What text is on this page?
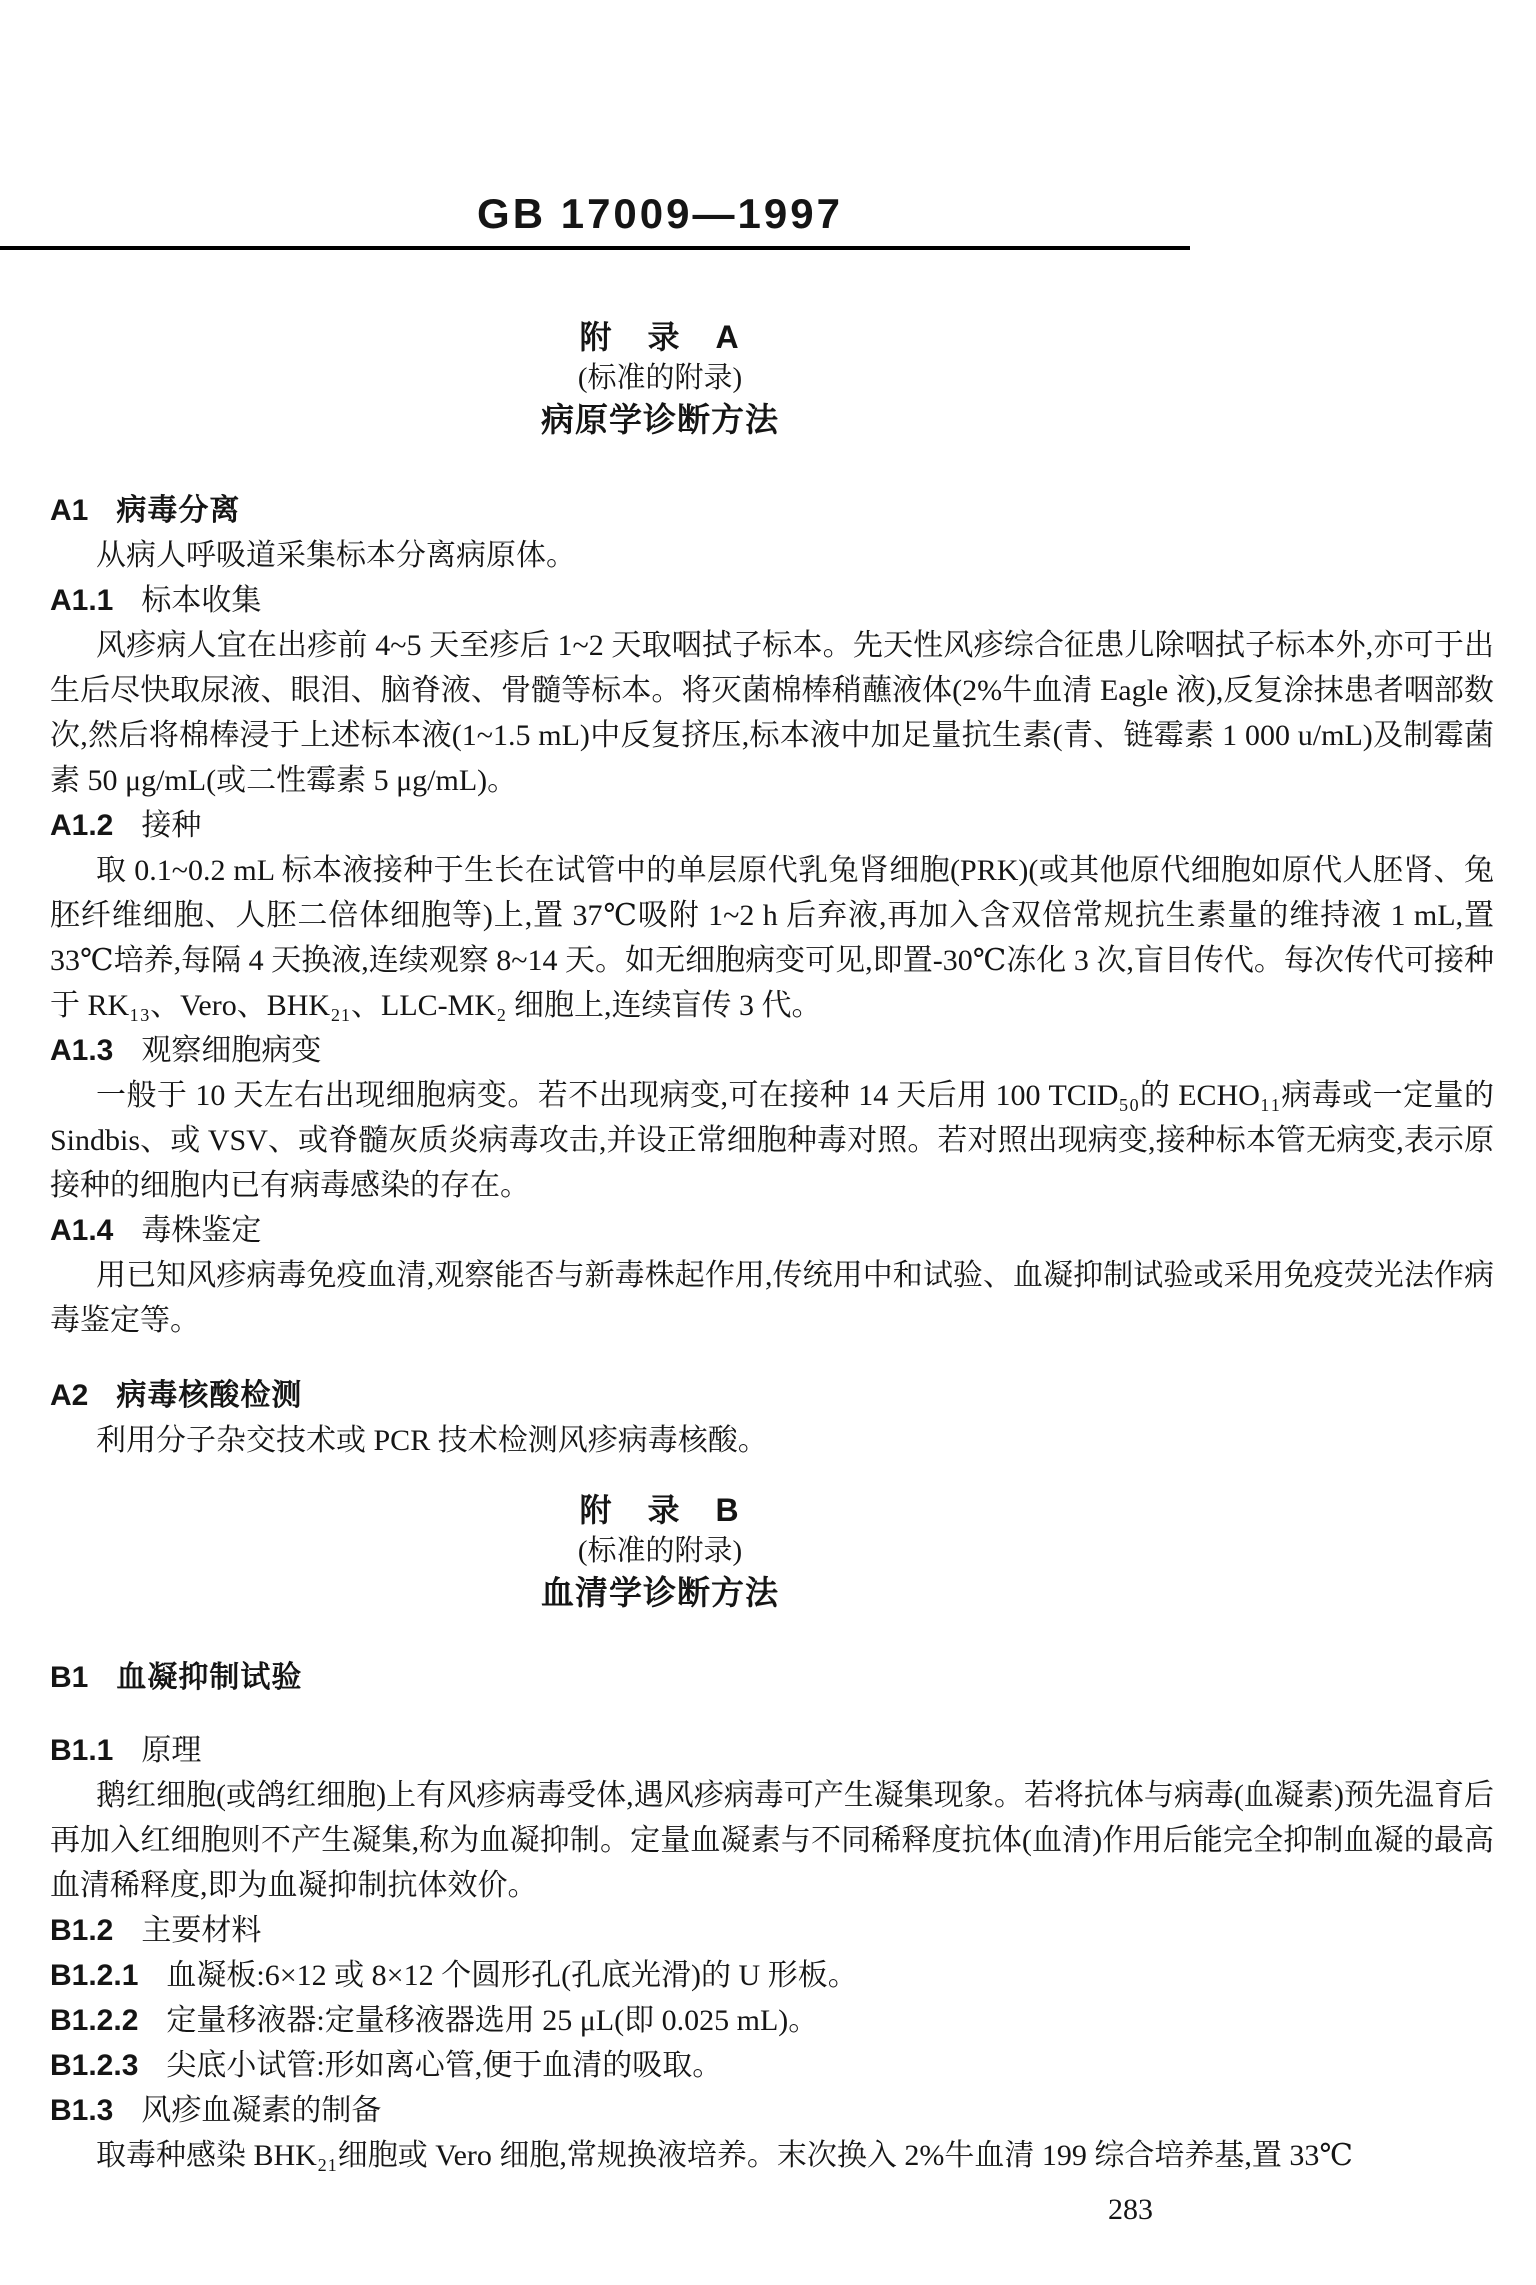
GB 17009—1997
附　录　A
(标准的附录)
病原学诊断方法
A1 病毒分离

从病人呼吸道采集标本分离病原体。

A1.1 标本收集

风疹病人宜在出疹前 4~5 天至疹后 1~2 天取咽拭子标本。先天性风疹综合征患儿除咽拭子标本外,亦可于出生后尽快取尿液、眼泪、脑脊液、骨髓等标本。将灭菌棉棒稍蘸液体(2%牛血清 Eagle 液),反复涂抹患者咽部数次,然后将棉棒浸于上述标本液(1~1.5 mL)中反复挤压,标本液中加足量抗生素(青、链霉素 1 000 u/mL)及制霉菌素 50 μg/mL(或二性霉素 5 μg/mL)。

A1.2 接种

取 0.1~0.2 mL 标本液接种于生长在试管中的单层原代乳兔肾细胞(PRK)(或其他原代细胞如原代人胚肾、兔胚纤维细胞、人胚二倍体细胞等)上,置 37℃吸附 1~2 h 后弃液,再加入含双倍常规抗生素量的维持液 1 mL,置 33℃培养,每隔 4 天换液,连续观察 8~14 天。如无细胞病变可见,即置-30℃冻化 3 次,盲目传代。每次传代可接种于 RK₁₃、Vero、BHK₂₁、LLC-MK₂ 细胞上,连续盲传 3 代。

A1.3 观察细胞病变

一般于 10 天左右出现细胞病变。若不出现病变,可在接种 14 天后用 100 TCID₅₀的 ECHO₁₁病毒或一定量的 Sindbis、或 VSV、或脊髓灰质炎病毒攻击,并设正常细胞种毒对照。若对照出现病变,接种标本管无病变,表示原接种的细胞内已有病毒感染的存在。

A1.4 毒株鉴定

用已知风疹病毒免疫血清,观察能否与新毒株起作用,传统用中和试验、血凝抑制试验或采用免疫荧光法作病毒鉴定等。

A2 病毒核酸检测

利用分子杂交技术或 PCR 技术检测风疹病毒核酸。

附　录　B
(标准的附录)
血清学诊断方法
B1 血凝抑制试验
B1.1 原理

鹅红细胞(或鸽红细胞)上有风疹病毒受体,遇风疹病毒可产生凝集现象。若将抗体与病毒(血凝素)预先温育后再加入红细胞则不产生凝集,称为血凝抑制。定量血凝素与不同稀释度抗体(血清)作用后能完全抑制血凝的最高血清稀释度,即为血凝抑制抗体效价。

B1.2 主要材料
B1.2.1 血凝板:6×12 或 8×12 个圆形孔(孔底光滑)的 U 形板。
B1.2.2 定量移液器:定量移液器选用 25 μL(即 0.025 mL)。
B1.2.3 尖底小试管:形如离心管,便于血清的吸取。
B1.3 风疹血凝素的制备

取毒种感染 BHK₂₁细胞或 Vero 细胞,常规换液培养。末次换入 2%牛血清 199 综合培养基,置 33℃

283
